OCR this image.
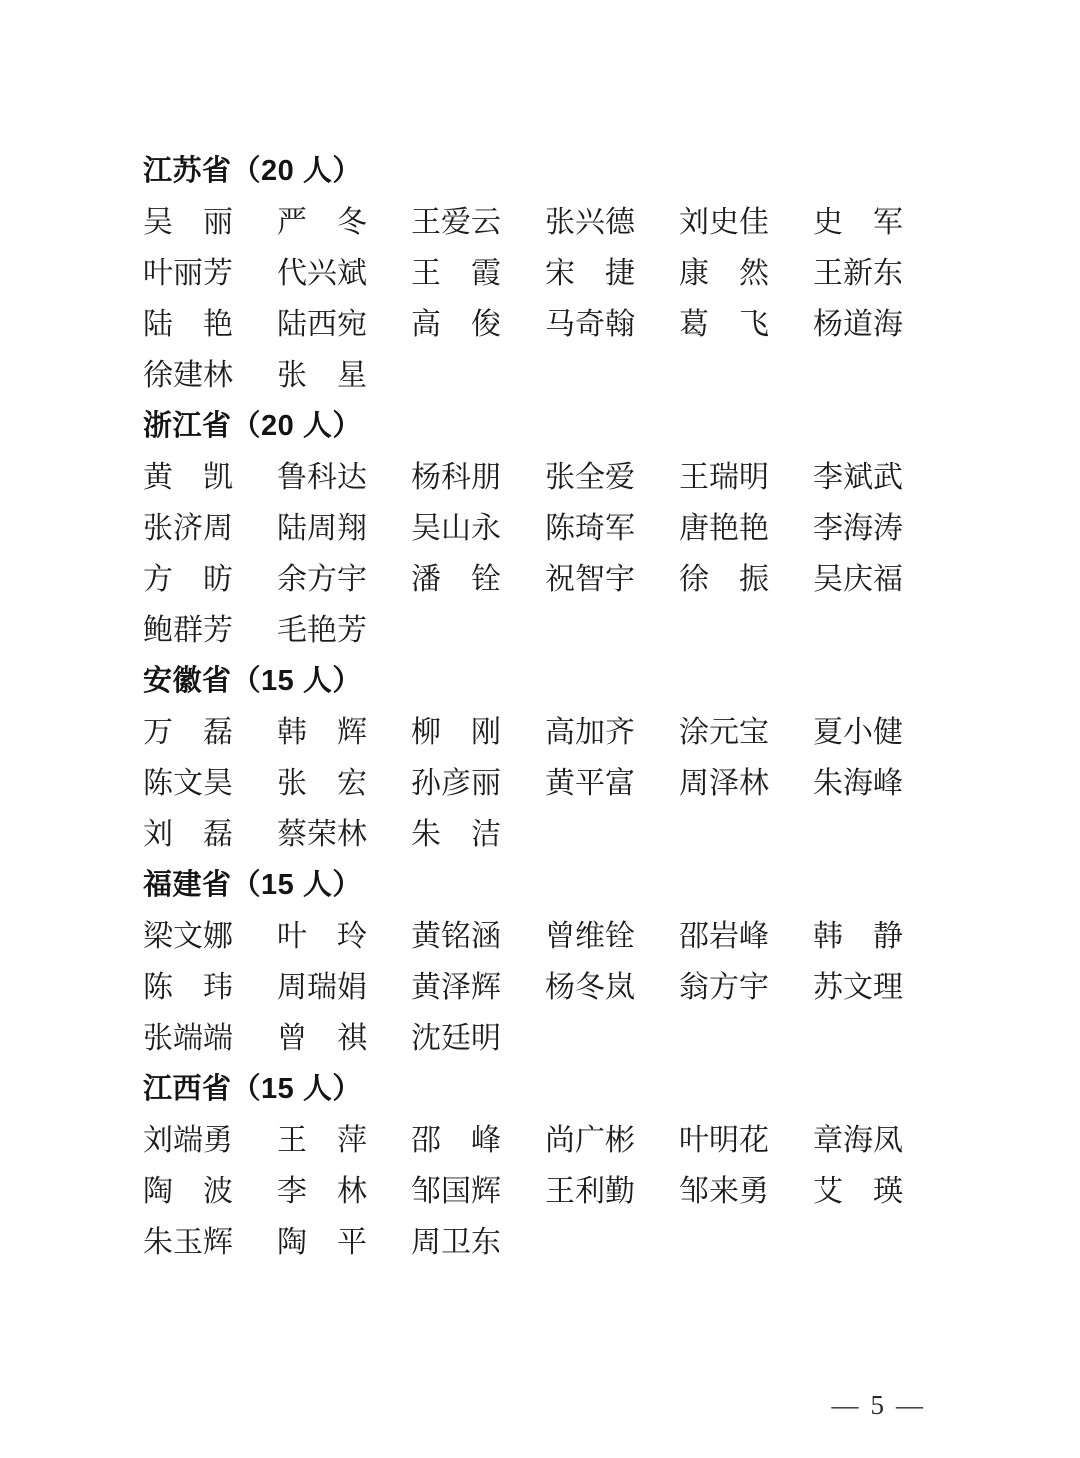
江苏省（20 人）
吴　丽 严　冬 王爱云 张兴德 刘史佳 史　军
叶丽芳 代兴斌 王　霞 宋　捷 康　然 王新东
陆　艳 陆西宛 高　俊 马奇翰 葛　飞 杨道海
徐建林 张　星
浙江省（20 人）
黄　凯 鲁科达 杨科朋 张全爱 王瑞明 李斌武
张济周 陆周翔 吴山永 陈琦军 唐艳艳 李海涛
方　昉 余方宇 潘　铨 祝智宇 徐　振 吴庆福
鲍群芳 毛艳芳
安徽省（15 人）
万　磊 韩　辉 柳　刚 高加齐 涂元宝 夏小健
陈文昊 张　宏 孙彦丽 黄平富 周泽林 朱海峰
刘　磊 蔡荣林 朱　洁
福建省（15 人）
梁文娜 叶　玲 黄铭涵 曾维铨 邵岩峰 韩　静
陈　玮 周瑞娟 黄泽辉 杨冬岚 翁方宇 苏文理
张端端 曾　祺 沈廷明
江西省（15 人）
刘端勇 王　萍 邵　峰 尚广彬 叶明花 章海凤
陶　波 李　林 邹国辉 王利勤 邹来勇 艾　瑛
朱玉辉 陶　平 周卫东
— 5 —
